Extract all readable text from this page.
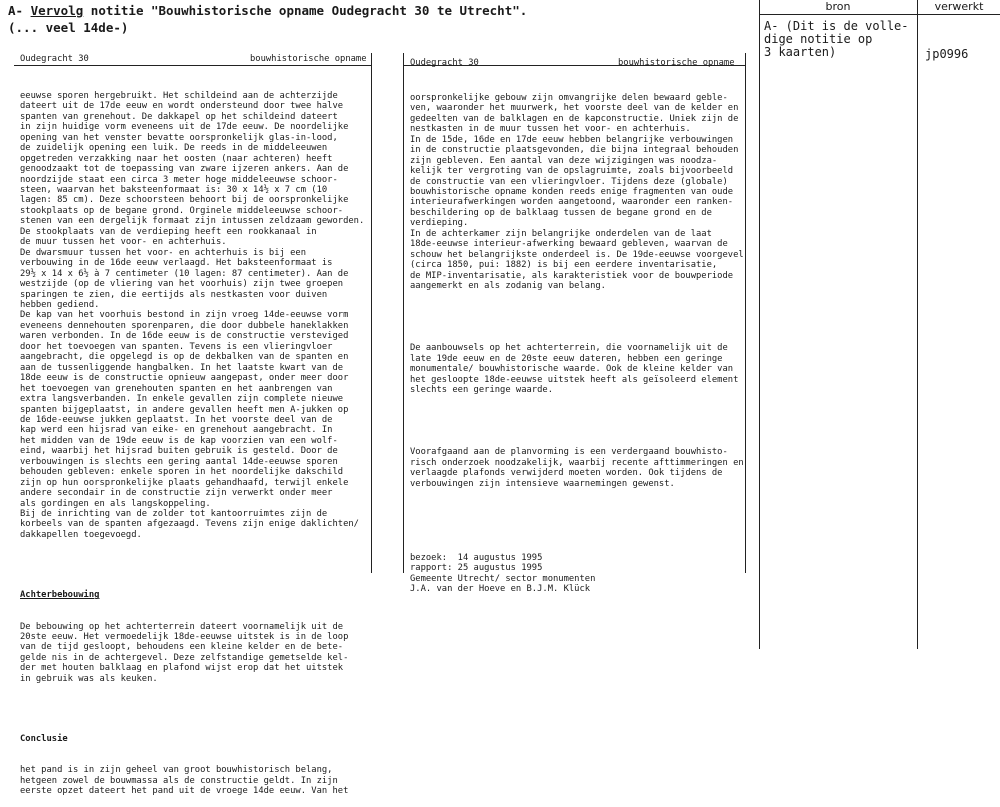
A- Vervolg notitie "Bouwhistorische opname Oudegracht 30 te Utrecht".
(... veel 14de-)
Oudegracht 30	bouwhistorische opname

eeuwse sporen hergebruikt. Het schildeind aan de achterzijde
dateert uit de 17de eeuw en wordt ondersteund door twee halve
spanten van grenehout. De dakkapel op het schildeind dateert
in zijn huidige vorm eveneens uit de 17de eeuw. De noordelijke
opening van het venster bevatte oorspronkelijk glas-in-lood,
de zuidelijk opening een luik. De reeds in de middeleeuwen
opgetreden verzakking naar het oosten (naar achteren) heeft
genoodzaakt tot de toepassing van zware ijzeren ankers. Aan de
noordzijde staat een circa 3 meter hoge middeleeuwse schoor-
steen, waarvan het baksteenformaat is: 30 x 14½ x 7 cm (10
lagen: 85 cm). Deze schoorsteen behoort bij de oorspronkelijke
stookplaats op de begane grond. Orginele middeleeuwse schoor-
stenen van een dergelijk formaat zijn intussen zeldzaam geworden.
De stookplaats van de verdieping heeft een rookkanaal in
de muur tussen het voor- en achterhuis.
De dwarsmuur tussen het voor- en achterhuis is bij een
verbouwing in de 16de eeuw verlaagd. Het baksteenformaat is
29½ x 14 x 6½ à 7 centimeter (10 lagen: 87 centimeter). Aan de
westzijde (op de vliering van het voorhuis) zijn twee groepen
sparingen te zien, die eertijds als nestkasten voor duiven
hebben gediend.
De kap van het voorhuis bestond in zijn vroeg 14de-eeuwse vorm
eveneens dennehouten sporenparen, die door dubbele haneklakken
waren verbonden. In de 16de eeuw is de constructie versteviged
door het toevoegen van spanten. Tevens is een vlieringvloer
aangebracht, die opgelegd is op de dekbalken van de spanten en
aan de tussenliggende hangbalken. In het laatste kwart van de
18de eeuw is de constructie opnieuw aangepast, onder meer door
het toevoegen van grenehouten spanten en het aanbrengen van
extra langsverbanden. In enkele gevallen zijn complete nieuwe
spanten bijgeplaatst, in andere gevallen heeft men A-jukken op
de 16de-eeuwse jukken geplaatst. In het voorste deel van de
kap werd een hijsrad van eike- en grenehout aangebracht. In
het midden van de 19de eeuw is de kap voorzien van een wolf-
eind, waarbij het hijsrad buiten gebruik is gesteld. Door de
verbouwingen is slechts een gering aantal 14de-eeuwse sporen
behouden gebleven: enkele sporen in het noordelijke dakschild
zijn op hun oorspronkelijke plaats gehandhaafd, terwijl enkele
andere secondair in de constructie zijn verwerkt onder meer
als gordingen en als langskoppeling.
Bij de inrichting van de zolder tot kantoorruimtes zijn de
korbeels van de spanten afgezaagd. Tevens zijn enige daklichten/
dakkapellen toegevoegd.

Achterbebouwing

De bebouwing op het achterterrein dateert voornamelijk uit de
20ste eeuw. Het vermoedelijk 18de-eeuwse uitstek is in de loop
van de tijd gesloopt, behoudens een kleine kelder en de bete-
gelde nis in de achtergevel. Deze zelfstandige gemetselde kel-
der met houten balklaag en plafond wijst erop dat het uitstek
in gebruik was als keuken.

Conclusie

het pand is in zijn geheel van groot bouwhistorisch belang,
hetgeen zowel de bouwmassa als de constructie geldt. In zijn
eerste opzet dateert het pand uit de vroege 14de eeuw. Van het

Oudegracht 30	bouwhistorische opname

oorspronkelijke gebouw zijn omvangrijke delen bewaard geble-
ven, waaronder het muurwerk, het voorste deel van de kelder en
gedeelten van de balklagen en de kapconstructie. Uniek zijn de
nestkasten in de muur tussen het voor- en achterhuis.
In de 15de, 16de en 17de eeuw hebben belangrijke verbouwingen
in de constructie plaatsgevonden, die bijna integraal behouden
zijn gebleven. Een aantal van deze wijzigingen was noodza-
kelijk ter vergroting van de opslagruimte, zoals bijvoorbeeld
de constructie van een vlieringvloer. Tijdens deze (globale)
bouwhistorische opname konden reeds enige fragmenten van oude
interieurafwerkingen worden aangetoond, waaronder een ranken-
beschildering op de balklaag tussen de begane grond en de
verdieping.
In de achterkamer zijn belangrijke onderdelen van de laat
18de-eeuwse interieur-afwerking bewaard gebleven, waarvan de
schouw het belangrijkste onderdeel is. De 19de-eeuwse voorgevel
(circa 1850, pui: 1882) is bij een eerdere inventarisatie,
de MIP-inventarisatie, als karakteristiek voor de bouwperiode
aangemerkt en als zodanig van belang.

De aanbouwsels op het achterterrein, die voornamelijk uit de
late 19de eeuw en de 20ste eeuw dateren, hebben een geringe
monumentale/ bouwhistorische waarde. Ook de kleine kelder van
het gesloopte 18de-eeuwse uitstek heeft als geïsoleerd element
slechts een geringe waarde.

Voorafgaand aan de planvorming is een verdergaand bouwhisto-
risch onderzoek noodzakelijk, waarbij recente afttimmeringen en
verlaagde plafonds verwijderd moeten worden. Ook tijdens de
verbouwingen zijn intensieve waarnemingen gewenst.

bezoek:  14 augustus 1995
rapport: 25 augustus 1995
Gemeente Utrecht/ sector monumenten
J.A. van der Hoeve en B.J.M. Klück

bron	verwerkt
A- (Dit is de volle-
dige notitie op
3 kaarten)	jp0996
